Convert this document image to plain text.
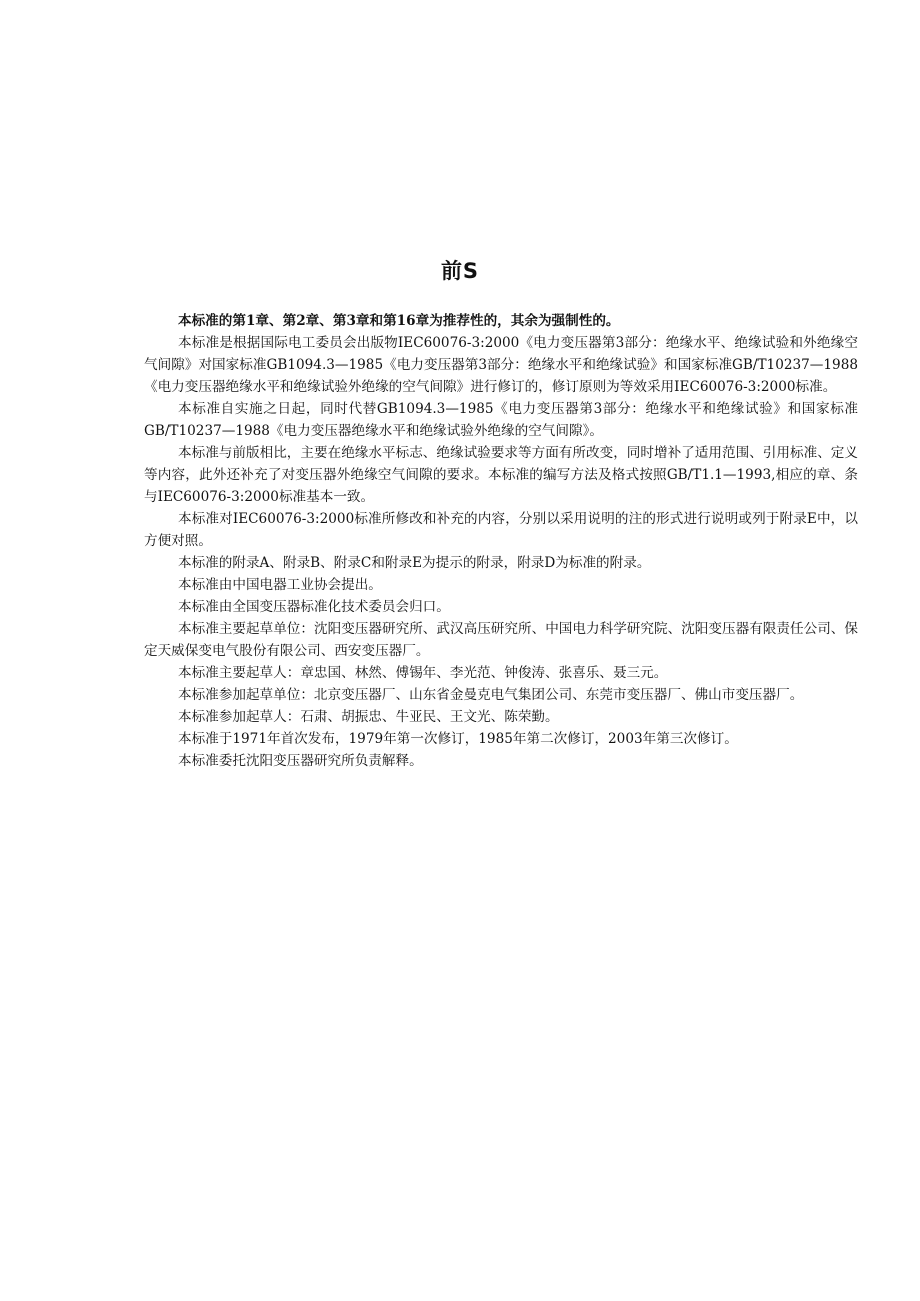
前S

本标准的第1章、第2章、第3章和第16章为推荐性的，其余为强制性的。

本标准是根据国际电工委员会出版物IEC60076-3:2000《电力变压器第3部分：绝缘水平、绝缘试验和外绝缘空气间隙》对国家标准GB1094.3—1985《电力变压器第3部分：绝缘水平和绝缘试验》和国家标准GB/T10237—1988《电力变压器绝缘水平和绝缘试验外绝缘的空气间隙》进行修订的，修订原则为等效采用IEC60076-3:2000标准。

本标准自实施之日起，同时代替GB1094.3—1985《电力变压器第3部分：绝缘水平和绝缘试验》和国家标准GB/T10237—1988《电力变压器绝缘水平和绝缘试验外绝缘的空气间隙》。

本标准与前版相比，主要在绝缘水平标志、绝缘试验要求等方面有所改变，同时增补了适用范围、引用标准、定义等内容，此外还补充了对变压器外绝缘空气间隙的要求。本标准的编写方法及格式按照GB/T1.1—1993,相应的章、条与IEC60076-3:2000标准基本一致。

本标准对IEC60076-3:2000标准所修改和补充的内容，分别以采用说明的注的形式进行说明或列于附录E中，以方便对照。

本标准的附录A、附录B、附录C和附录E为提示的附录，附录D为标准的附录。

本标准由中国电器工业协会提出。

本标准由全国变压器标准化技术委员会归口。

本标准主要起草单位：沈阳变压器研究所、武汉高压研究所、中国电力科学研究院、沈阳变压器有限责任公司、保定天威保变电气股份有限公司、西安变压器厂。

本标准主要起草人：章忠国、林然、傅锡年、李光范、钟俊涛、张喜乐、聂三元。

本标准参加起草单位：北京变压器厂、山东省金曼克电气集团公司、东莞市变压器厂、佛山市变压器厂。

本标准参加起草人：石肃、胡振忠、牛亚民、王文光、陈荣勤。

本标准于1971年首次发布，1979年第一次修订，1985年第二次修订，2003年第三次修订。

本标准委托沈阳变压器研究所负责解释。
